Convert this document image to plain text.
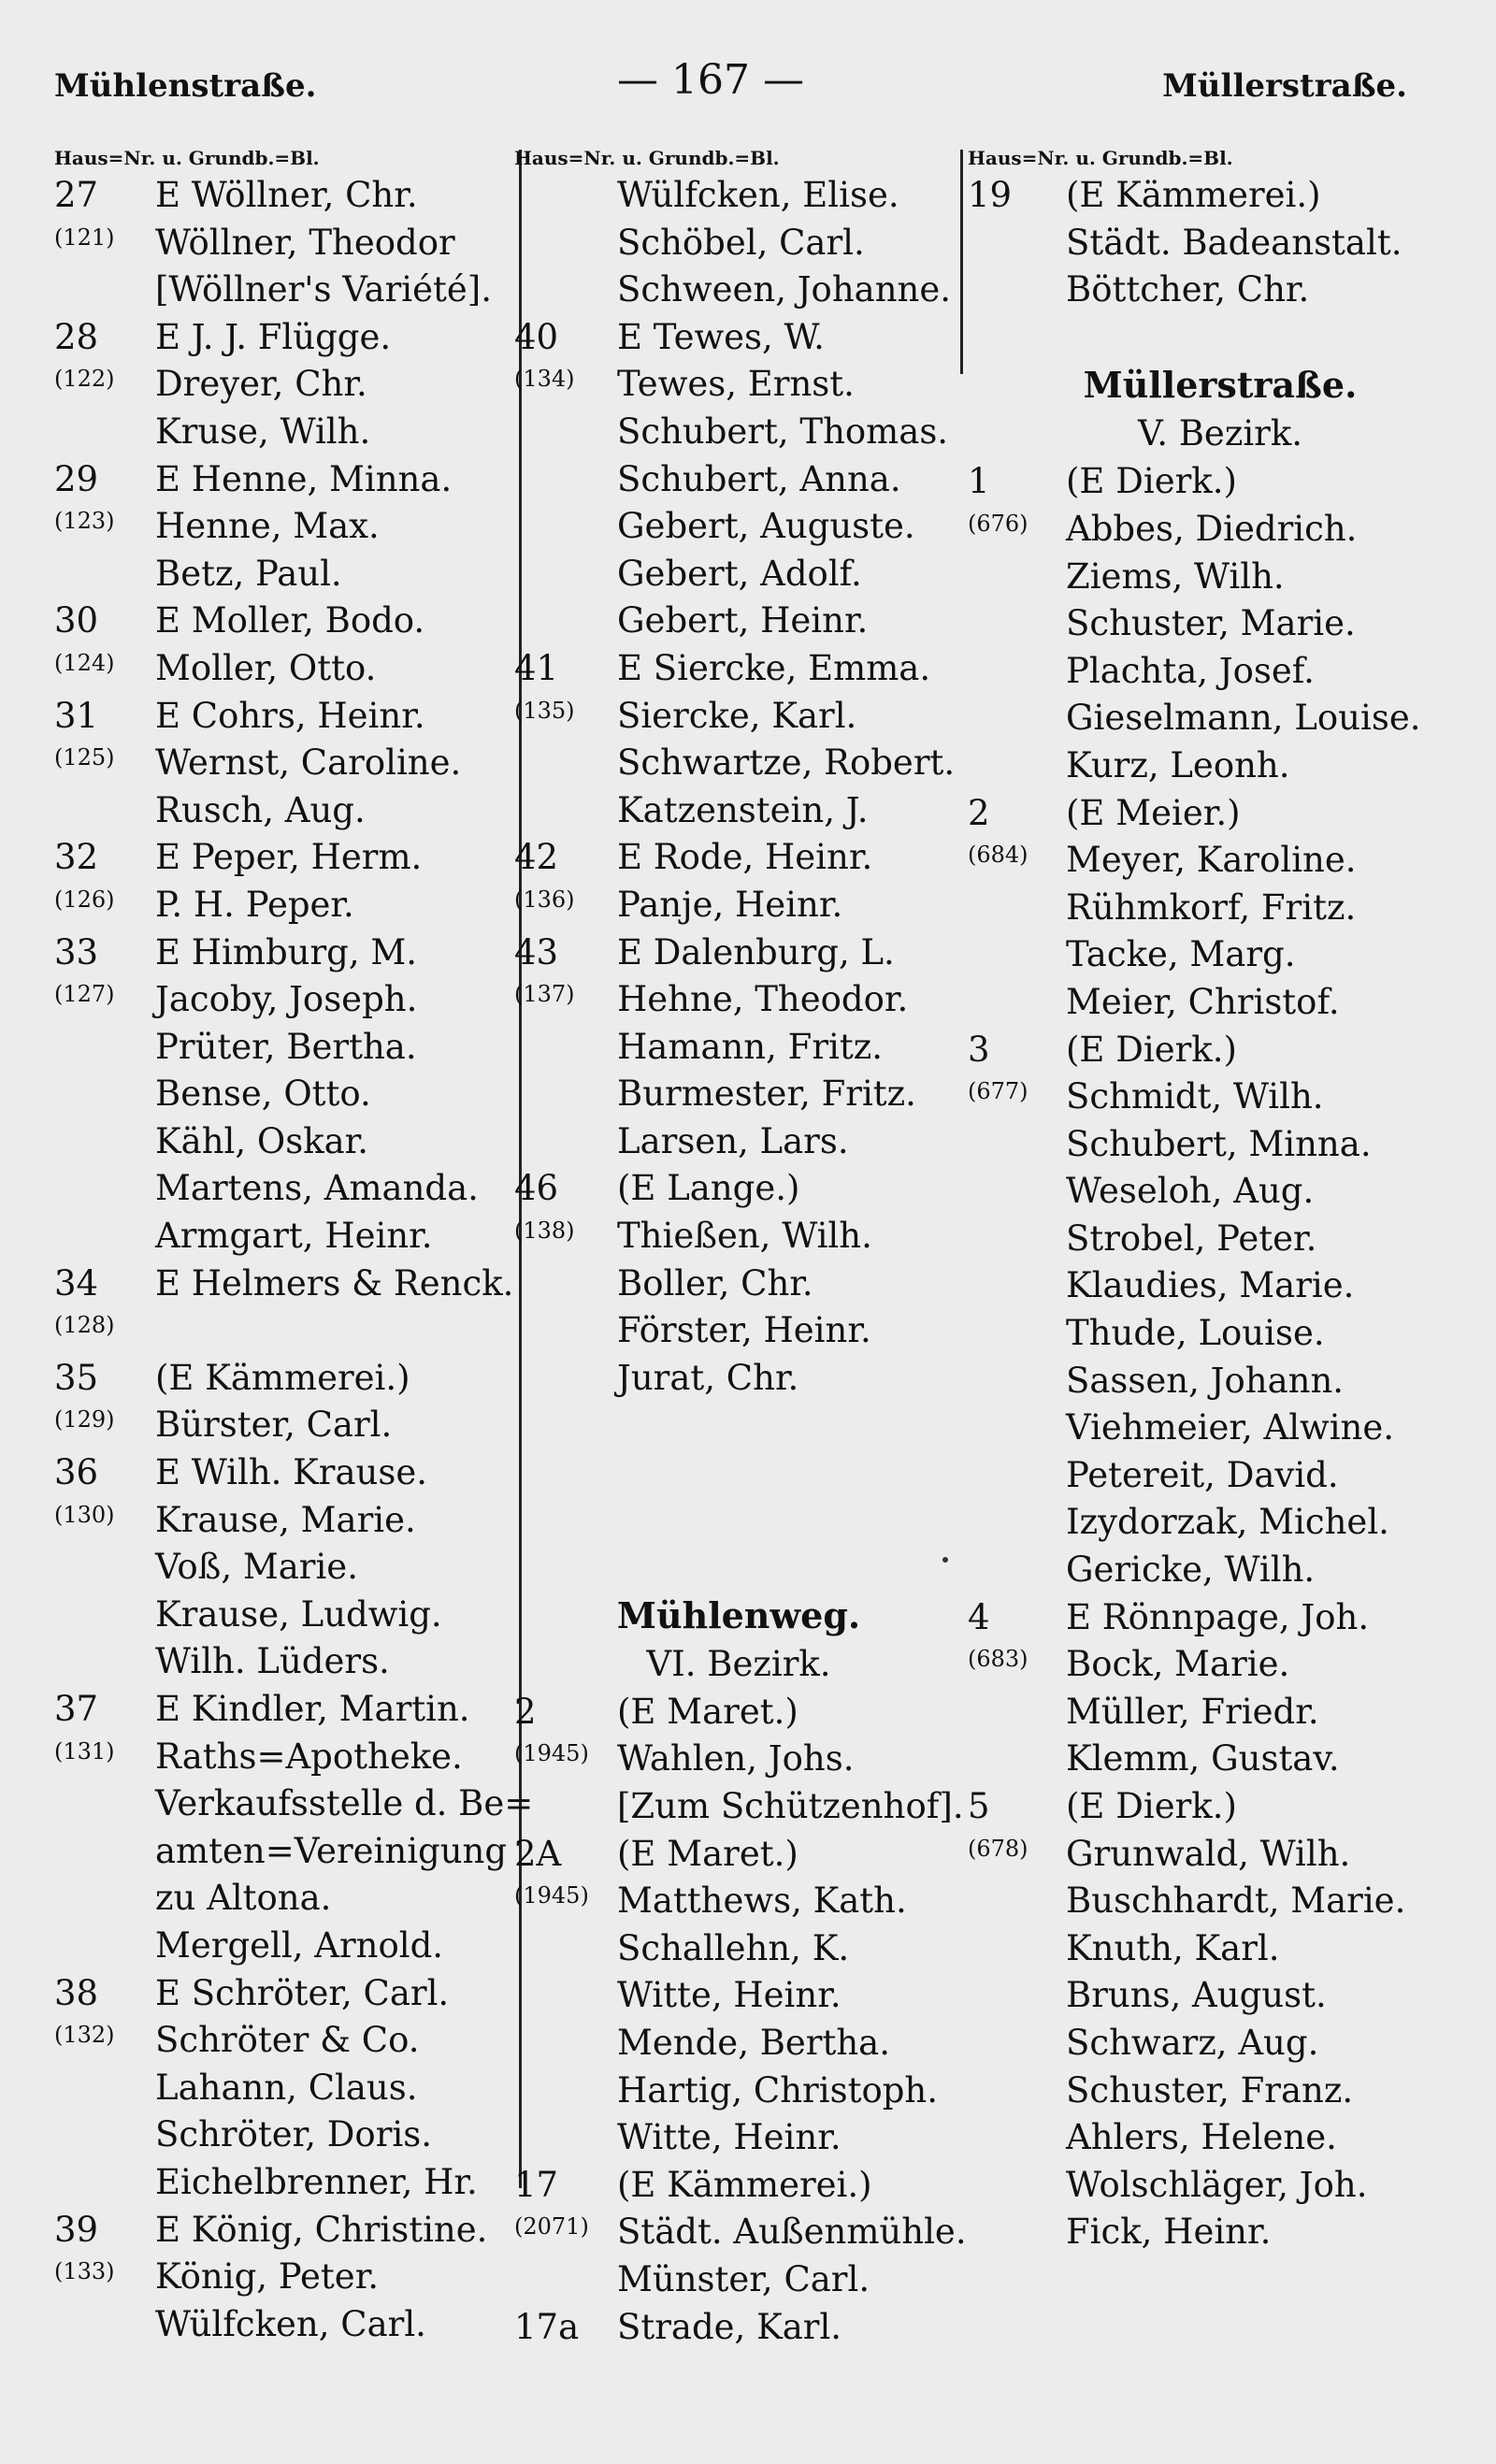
Mühlenstraße.	— 167 —	Müllerstraße.
Haus=Nr. u. Grundb.=Bl.
27 E Wöllner, Chr.
(121) Wöllner, Theodor
[Wöllner's Variété].
28 E J. J. Flügge.
(122) Dreyer, Chr.
Kruse, Wilh.
29 E Henne, Minna.
(123) Henne, Max.
Betz, Paul.
30 E Moller, Bodo.
(124) Moller, Otto.
31 E Cohrs, Heinr.
(125) Wernst, Caroline.
Rusch, Aug.
32 E Peper, Herm.
(126) P. H. Peper.
33 E Himburg, M.
(127) Jacoby, Joseph.
Prüter, Bertha.
Bense, Otto.
Kähl, Oskar.
Martens, Amanda.
Armgart, Heinr.
34 E Helmers & Renck.
(128)
35 (E Kämmerei.)
(129) Bürster, Carl.
36 E Wilh. Krause.
(130) Krause, Marie.
Voß, Marie.
Krause, Ludwig.
Wilh. Lüders.
37 E Kindler, Martin.
(131) Raths=Apotheke.
Verkaufsstelle d. Be=
amten=Vereinigung
zu Altona.
Mergell, Arnold.
38 E Schröter, Carl.
(132) Schröter & Co.
Lahann, Claus.
Schröter, Doris.
Eichelbrenner, Hr.
39 E König, Christine.
(133) König, Peter.
Wülfcken, Carl.
Haus=Nr. u. Grundb.=Bl.
Wülfcken, Elise.
Schöbel, Carl.
Schween, Johanne.
40 E Tewes, W.
(134) Tewes, Ernst.
Schubert, Thomas.
Schubert, Anna.
Gebert, Auguste.
Gebert, Adolf.
Gebert, Heinr.
41 E Siercke, Emma.
(135) Siercke, Karl.
Schwartze, Robert.
Katzenstein, J.
42 E Rode, Heinr.
(136) Panje, Heinr.
43 E Dalenburg, L.
(137) Hehne, Theodor.
Hamann, Fritz.
Burmester, Fritz.
Larsen, Lars.
46 (E Lange.)
(138) Thießen, Wilh.
Boller, Chr.
Förster, Heinr.
Jurat, Chr.
Mühlenweg.
VI. Bezirk.
2 (E Maret.)
(1945) Wahlen, Johs.
[Zum Schützenhof].
2A (E Maret.)
(1945) Matthews, Kath.
Schallehn, K.
Witte, Heinr.
Mende, Bertha.
Hartig, Christoph.
Witte, Heinr.
17 (E Kämmerei.)
(2071) Städt. Außenmühle.
Münster, Carl.
17a Strade, Karl.
Haus=Nr. u. Grundb.=Bl.
19 (E Kämmerei.)
Städt. Badeanstalt.
Böttcher, Chr.
Müllerstraße.
V. Bezirk.
1 (E Dierk.)
(676) Abbes, Diedrich.
Ziems, Wilh.
Schuster, Marie.
Plachta, Josef.
Gieselmann, Louise.
Kurz, Leonh.
2 (E Meier.)
(684) Meyer, Karoline.
Rühmkorf, Fritz.
Tacke, Marg.
Meier, Christof.
3 (E Dierk.)
(677) Schmidt, Wilh.
Schubert, Minna.
Weseloh, Aug.
Strobel, Peter.
Klaudies, Marie.
Thude, Louise.
Sassen, Johann.
Viehmeier, Alwine.
Petereit, David.
Izydorzak, Michel.
Gericke, Wilh.
4 E Rönnpage, Joh.
(683) Bock, Marie.
Müller, Friedr.
Klemm, Gustav.
5 (E Dierk.)
(678) Grunwald, Wilh.
Buschhardt, Marie.
Knuth, Karl.
Bruns, August.
Schwarz, Aug.
Schuster, Franz.
Ahlers, Helene.
Wolschläger, Joh.
Fick, Heinr.
